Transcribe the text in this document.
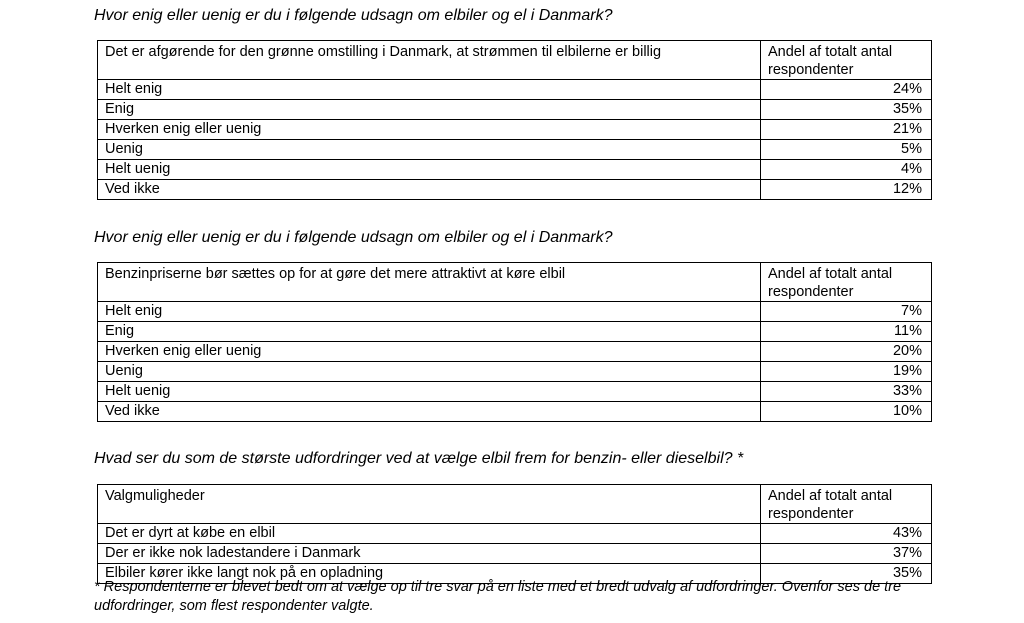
Hvor enig eller uenig er du i følgende udsagn om elbiler og el i Danmark?

Det er afgørende for den grønne omstilling i Danmark, at strømmen til elbilerne er billig	Andel af totalt antal respondenter
Helt enig	24%
Enig	35%
Hverken enig eller uenig	21%
Uenig	5%
Helt uenig	4%
Ved ikke	12%

Hvor enig eller uenig er du i følgende udsagn om elbiler og el i Danmark?

Benzinpriserne bør sættes op for at gøre det mere attraktivt at køre elbil	Andel af totalt antal respondenter
Helt enig	7%
Enig	11%
Hverken enig eller uenig	20%
Uenig	19%
Helt uenig	33%
Ved ikke	10%

Hvad ser du som de største udfordringer ved at vælge elbil frem for benzin- eller dieselbil? *

Valgmuligheder	Andel af totalt antal respondenter
Det er dyrt at købe en elbil	43%
Der er ikke nok ladestandere i Danmark	37%
Elbiler kører ikke langt nok på en opladning	35%

* Respondenterne er blevet bedt om at vælge op til tre svar på en liste med et bredt udvalg af udfordringer. Ovenfor ses de tre udfordringer, som flest respondenter valgte.
